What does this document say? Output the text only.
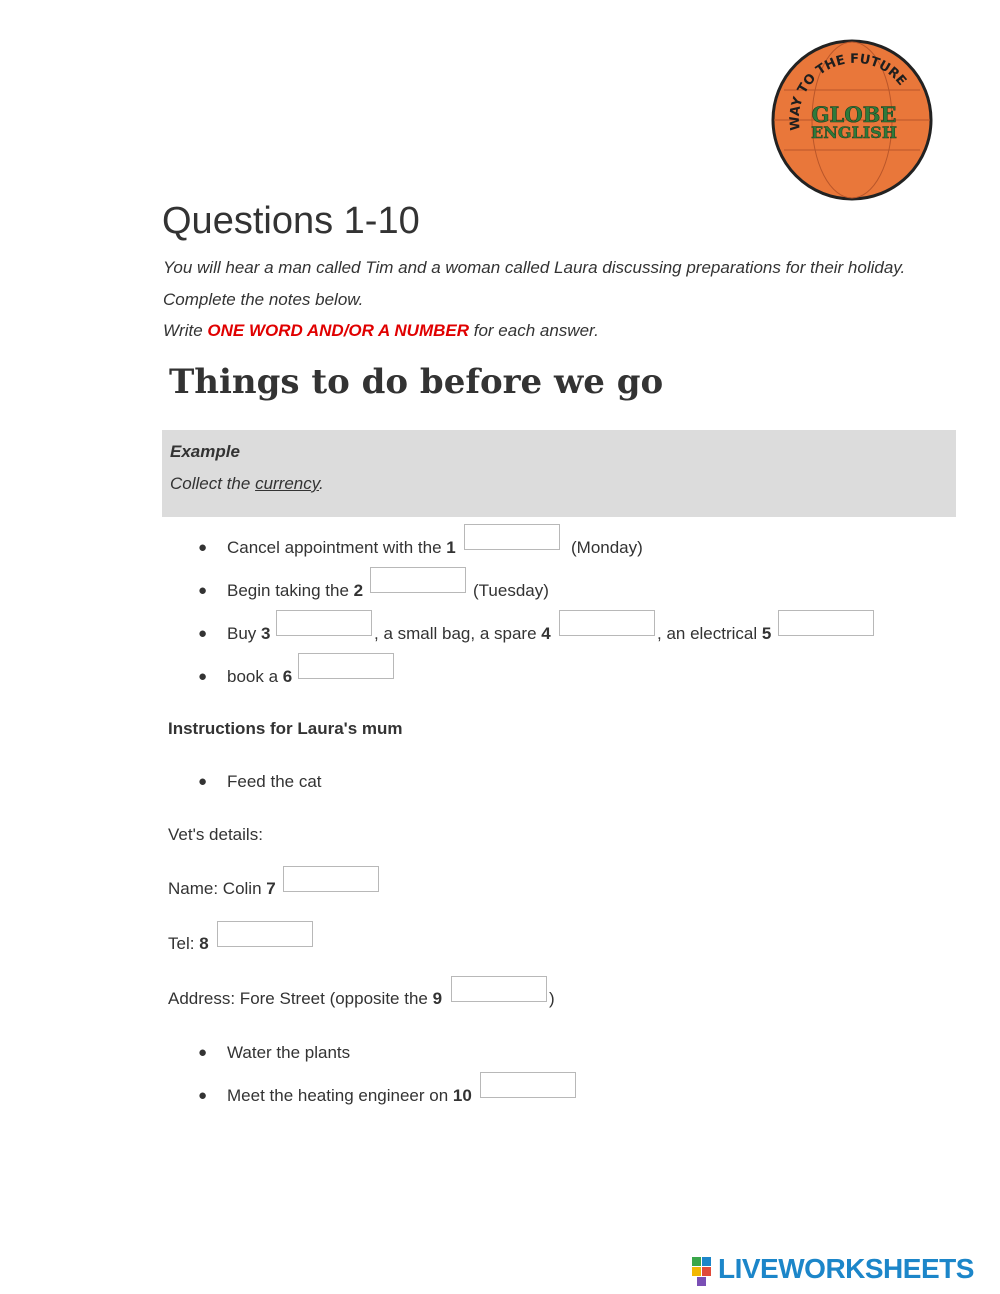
WAY TO THE FUTURE
GLOBE
ENGLISH
Questions 1-10
You will hear a man called Tim and a woman called Laura discussing preparations for their holiday.
Complete the notes below.
Write ONE WORD AND/OR A NUMBER for each answer.
Things to do before we go
Example
Collect the currency.
● Cancel appointment with the 1	(Monday)
● Begin taking the 2	(Tuesday)
● Buy 3	, a small bag, a spare 4	, an electrical 5
● book a 6
Instructions for Laura's mum
● Feed the cat
Vet's details:
Name: Colin 7
Tel: 8
Address: Fore Street (opposite the 9	)
● Water the plants
● Meet the heating engineer on 10
LIVEWORKSHEETS
